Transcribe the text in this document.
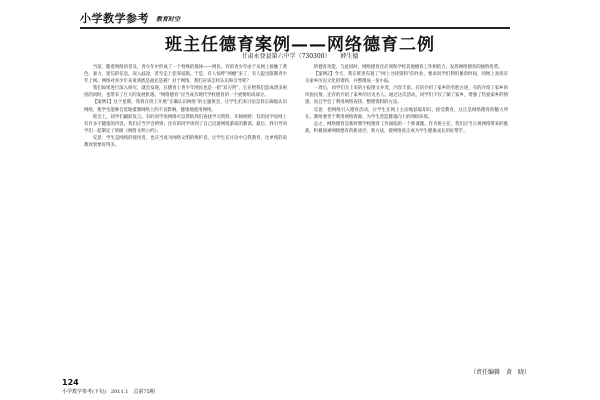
小学教学参考 教育时空
班主任德育案例——网络德育二例
甘肃永登县第六中学（730300） 薛生德

当前，随着网络的普及，青少年中形成了一个特殊的群体——网民。有的青少年由于从网上接触了黄色、暴力、迷信的信息，误入歧途，甚至走上犯罪道路。于是，有人惊呼“网瘾”来了，有人提出限制青少年上网。网络对青少年来说到底是福还是祸？对于网络，我们应该怎样认识和引导呢？

我们如果进行深入研究，就会发现，在德育上青少年网民也是一把“双刃剑”，它在给我们造成诸多困扰的同时，也带来了巨大的发展机遇。“网络德育”应当成为现代学校德育的一个重要组成部分。

【案例1】这个星期，我将在班上开展“正确认识网络”的主题班会，让学生们来讨论怎样正确地认识网络，使学生能够自觉地抵制网络上的不良影响，健康地使用网络。

班会上，同学们踊跃发言。有的同学说网络可以帮助我们查找学习资料，开阔视野；有的同学说网上有许多不健康的内容，我们应当学会辨别；还有的同学谈到了自己沉迷网络游戏的教训。最后，我引导同学们一起制定了班级《网络文明公约》。

反思：学生是网络的使用者，也应当成为网络文明的维护者。让学生在讨论中自我教育，比单纯的说教效果要好得多。

的德育功能，与此同时，网络德育还必须和学校其他德育工作相结合，发挥网络德育的独特优势。

【案例2】今天，我在班里布置了“网上寻找资料”的作业，要求同学们利用课余时间，到网上查找有关家乡历史文化的资料，并整理成一份小报。

一周后，同学们交上来的小报图文并茂，内容丰富。有的介绍了家乡的名胜古迹，有的介绍了家乡的风俗民情，还有的介绍了家乡的历史名人。通过这次活动，同学们不仅了解了家乡，增强了热爱家乡的情感，而且学会了利用网络查找、整理资料的方法。

反思：把网络引入德育活动，让学生在网上主动地获取知识、接受教育，这正是网络德育的魅力所在。教师要善于利用网络资源，为学生营造健康向上的网络环境。

总之，网络德育是新时期学校德育工作面临的一个新课题。作为班主任，我们应当正视网络带来的挑战，积极探索网络德育的新途径、新方法，使网络真正成为学生健康成长的好帮手。

（责任编辑　黄　晓）
124
小学教学参考(下旬)　2011.1　总第75期
